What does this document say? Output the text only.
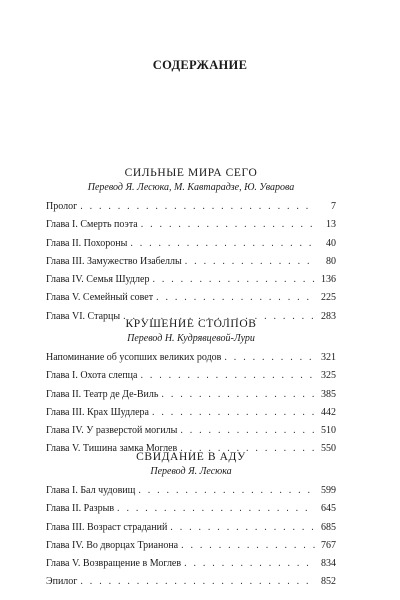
СОДЕРЖАНИЕ
СИЛЬНЫЕ МИРА СЕГО
Перевод Я. Лесюка, М. Кавтарадзе, Ю. Уварова
Пролог . . .	7
Глава I. Смерть поэта . . .	13
Глава II. Похороны . . .	40
Глава III. Замужество Изабеллы . . .	80
Глава IV. Семья Шудлер . . .	136
Глава V. Семейный совет . . .	225
Глава VI. Старцы . . .	283
КРУШЕНИЕ СТОЛПОВ
Перевод Н. Кудрявцевой-Лури
Напоминание об усопших великих родов . . .	321
Глава I. Охота слепца . . .	325
Глава II. Театр де Де-Виль . . .	385
Глава III. Крах Шудлера . . .	442
Глава IV. У разверстой могилы . . .	510
Глава V. Тишина замка Моглев . . .	550
СВИДАНИЕ В АДУ
Перевод Я. Лесюка
Глава I. Бал чудовищ . . .	599
Глава II. Разрыв . . .	645
Глава III. Возраст страданий . . .	685
Глава IV. Во дворцах Трианона . . .	767
Глава V. Возвращение в Моглев . . .	834
Эпилог . . .	852
